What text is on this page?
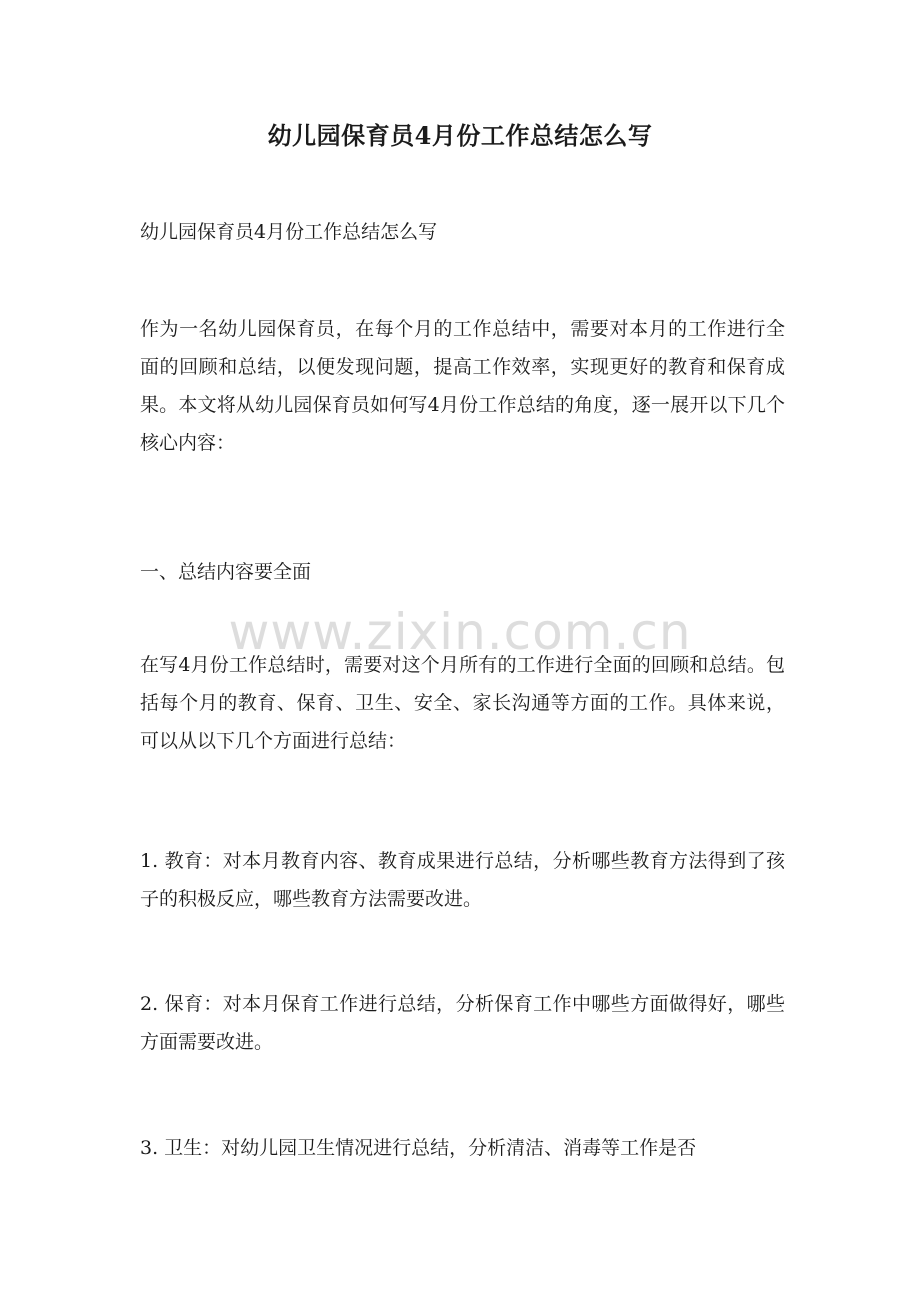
幼儿园保育员4月份工作总结怎么写

幼儿园保育员4月份工作总结怎么写

作为一名幼儿园保育员，在每个月的工作总结中，需要对本月的工作进行全面的回顾和总结，以便发现问题，提高工作效率，实现更好的教育和保育成果。本文将从幼儿园保育员如何写4月份工作总结的角度，逐一展开以下几个核心内容：

一、总结内容要全面

在写4月份工作总结时，需要对这个月所有的工作进行全面的回顾和总结。包括每个月的教育、保育、卫生、安全、家长沟通等方面的工作。具体来说，可以从以下几个方面进行总结：

1. 教育：对本月教育内容、教育成果进行总结，分析哪些教育方法得到了孩子的积极反应，哪些教育方法需要改进。

2. 保育：对本月保育工作进行总结，分析保育工作中哪些方面做得好，哪些方面需要改进。

3. 卫生：对幼儿园卫生情况进行总结，分析清洁、消毒等工作是否

www.zixin.com.cn
